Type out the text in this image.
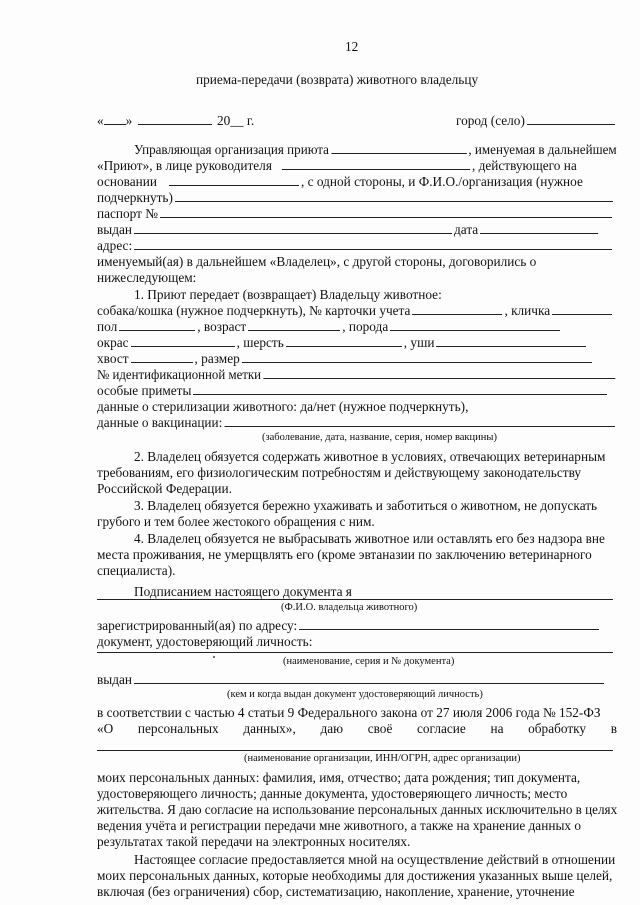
12
приема-передачи (возврата) животного владельцу
« »	20__ г.	город (село)
Управляющая организация приюта	, именуемая в дальнейшем
«Приют», в лице руководителя	, действующего на
основании	, с одной стороны, и Ф.И.О./организация (нужное
подчеркнуть)
паспорт №
выдан	дата
адрес:
именуемый(ая) в дальнейшем «Владелец», с другой стороны, договорились о
нижеследующем:
1. Приют передает (возвращает) Владельцу животное:
собака/кошка (нужное подчеркнуть), № карточки учета	, кличка
пол	, возраст	, порода
окрас	, шерсть	, уши
хвост	, размер
№ идентификационной метки
особые приметы
данные о стерилизации животного: да/нет (нужное подчеркнуть),
данные о вакцинации:
(заболевание, дата, название, серия, номер вакцины)
2. Владелец обязуется содержать животное в условиях, отвечающих ветеринарным
требованиям, его физиологическим потребностям и действующему законодательству
Российской Федерации.
3. Владелец обязуется бережно ухаживать и заботиться о животном, не допускать
грубого и тем более жестокого обращения с ним.
4. Владелец обязуется не выбрасывать животное или оставлять его без надзора вне
места проживания, не умерщвлять его (кроме эвтаназии по заключению ветеринарного
специалиста).
Подписанием настоящего документа я
(Ф.И.О. владельца животного)
зарегистрированный(ая) по адресу:
документ, удостоверяющий личность:
(наименование, серия и № документа)
выдан
(кем и когда выдан документ удостоверяющий личность)
в соответствии с частью 4 статьи 9 Федерального закона от 27 июля 2006 года № 152-ФЗ
«О персональных данных», даю своё согласие на обработку в
(наименование организации, ИНН/ОГРН, адрес организации)
моих персональных данных: фамилия, имя, отчество; дата рождения; тип документа,
удостоверяющего личность; данные документа, удостоверяющего личность; место
жительства. Я даю согласие на использование персональных данных исключительно в целях
ведения учёта и регистрации передачи мне животного, а также на хранение данных о
результатах такой передачи на электронных носителях.
Настоящее согласие предоставляется мной на осуществление действий в отношении
моих персональных данных, которые необходимы для достижения указанных выше целей,
включая (без ограничения) сбор, систематизацию, накопление, хранение, уточнение
